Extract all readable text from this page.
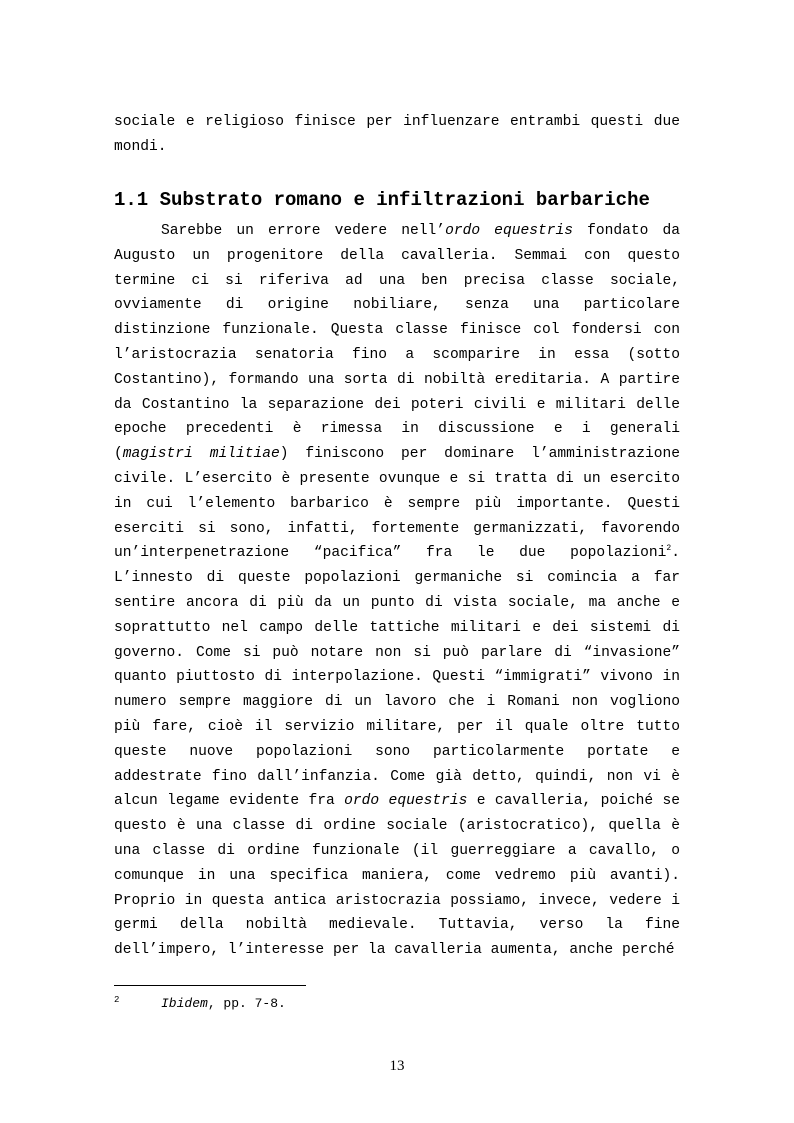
sociale e religioso finisce per influenzare entrambi questi due mondi.
1.1 Substrato romano e infiltrazioni barbariche

Sarebbe un errore vedere nell’ordo equestris fondato da Augusto un progenitore della cavalleria. Semmai con questo termine ci si riferiva ad una ben precisa classe sociale, ovviamente di origine nobiliare, senza una particolare distinzione funzionale. Questa classe finisce col fondersi con l’aristocrazia senatoria fino a scomparire in essa (sotto Costantino), formando una sorta di nobiltà ereditaria. A partire da Costantino la separazione dei poteri civili e militari delle epoche precedenti è rimessa in discussione e i generali (magistri militiae) finiscono per dominare l’amministrazione civile. L’esercito è presente ovunque e si tratta di un esercito in cui l’elemento barbarico è sempre più importante. Questi eserciti si sono, infatti, fortemente germanizzati, favorendo un’interpenetrazione “pacifica” fra le due popolazioni$^2$. L’innesto di queste popolazioni germaniche si comincia a far sentire ancora di più da un punto di vista sociale, ma anche e soprattutto nel campo delle tattiche militari e dei sistemi di governo. Come si può notare non si può parlare di “invasione” quanto piuttosto di interpolazione. Questi “immigrati” vivono in numero sempre maggiore di un lavoro che i Romani non vogliono più fare, cioè il servizio militare, per il quale oltre tutto queste nuove popolazioni sono particolarmente portate e addestrate fino dall’infanzia. Come già detto, quindi, non vi è alcun legame evidente fra ordo equestris e cavalleria, poiché se questo è una classe di ordine sociale (aristocratico), quella è una classe di ordine funzionale (il guerreggiare a cavallo, o comunque in una specifica maniera, come vedremo più avanti). Proprio in questa antica aristocrazia possiamo, invece, vedere i germi della nobiltà medievale. Tuttavia, verso la fine dell’impero, l’interesse per la cavalleria aumenta, anche perché

2	Ibidem, pp. 7-8.
13
